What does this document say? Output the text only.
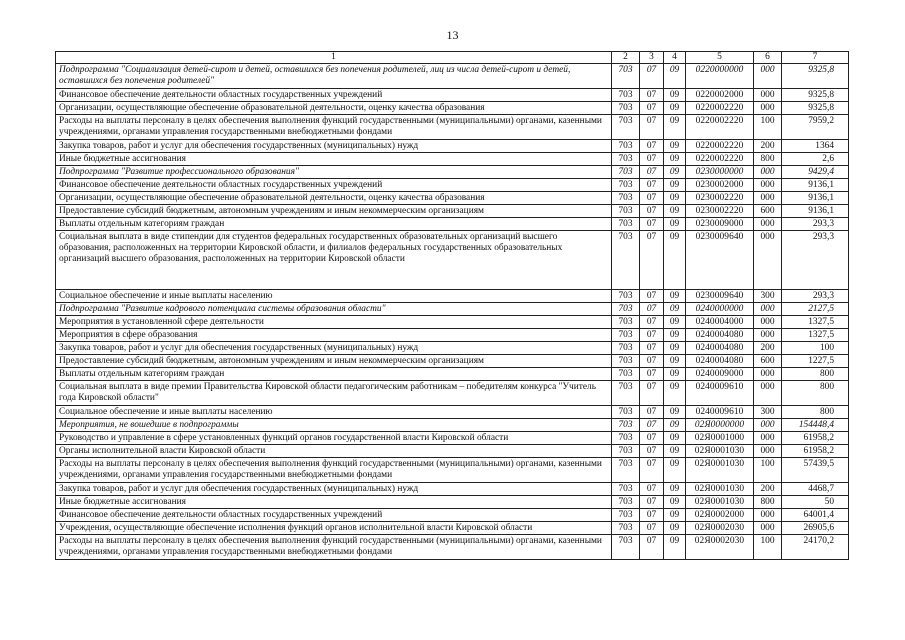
13
1	2	3	4	5	6	7
Подпрограмма "Социализация детей-сирот и детей, оставшихся без попечения родителей, лиц из числа детей-сирот и детей, оставшихся без попечения родителей"	703	07	09	0220000000	000	9325,8
Финансовое обеспечение деятельности областных государственных учреждений	703	07	09	0220002000	000	9325,8
Организации, осуществляющие обеспечение образовательной деятельности, оценку качества образования	703	07	09	0220002220	000	9325,8
Расходы на выплаты персоналу в целях обеспечения выполнения функций государственными (муниципальными) органами, казенными учреждениями, органами управления государственными внебюджетными фондами	703	07	09	0220002220	100	7959,2
Закупка товаров, работ и услуг для обеспечения государственных (муниципальных) нужд	703	07	09	0220002220	200	1364
Иные бюджетные ассигнования	703	07	09	0220002220	800	2,6
Подпрограмма "Развитие профессионального образования"	703	07	09	0230000000	000	9429,4
Финансовое обеспечение деятельности областных государственных учреждений	703	07	09	0230002000	000	9136,1
Организации, осуществляющие обеспечение образовательной деятельности, оценку качества образования	703	07	09	0230002220	000	9136,1
Предоставление субсидий бюджетным, автономным учреждениям и иным некоммерческим организациям	703	07	09	0230002220	600	9136,1
Выплаты отдельным категориям граждан	703	07	09	0230009000	000	293,3
Социальная выплата в виде стипендии для студентов федеральных государственных образовательных организаций высшего образования, расположенных на территории Кировской области, и филиалов федеральных государственных образовательных организаций высшего образования, расположенных на территории Кировской области	703	07	09	0230009640	000	293,3
Социальное обеспечение и иные выплаты населению	703	07	09	0230009640	300	293,3
Подпрограмма "Развитие кадрового потенциала системы образования области"	703	07	09	0240000000	000	2127,5
Мероприятия в установленной сфере деятельности	703	07	09	0240004000	000	1327,5
Мероприятия в сфере образования	703	07	09	0240004080	000	1327,5
Закупка товаров, работ и услуг для обеспечения государственных (муниципальных) нужд	703	07	09	0240004080	200	100
Предоставление субсидий бюджетным, автономным учреждениям и иным некоммерческим организациям	703	07	09	0240004080	600	1227,5
Выплаты отдельным категориям граждан	703	07	09	0240009000	000	800
Социальная выплата в виде премии Правительства Кировской области педагогическим работникам – победителям конкурса "Учитель года Кировской области"	703	07	09	0240009610	000	800
Социальное обеспечение и иные выплаты населению	703	07	09	0240009610	300	800
Мероприятия, не вошедшие в подпрограммы	703	07	09	02Я0000000	000	154448,4
Руководство и управление в сфере установленных функций органов государственной власти Кировской области	703	07	09	02Я0001000	000	61958,2
Органы исполнительной власти Кировской области	703	07	09	02Я0001030	000	61958,2
Расходы на выплаты персоналу в целях обеспечения выполнения функций государственными (муниципальными) органами, казенными учреждениями, органами управления государственными внебюджетными фондами	703	07	09	02Я0001030	100	57439,5
Закупка товаров, работ и услуг для обеспечения государственных (муниципальных) нужд	703	07	09	02Я0001030	200	4468,7
Иные бюджетные ассигнования	703	07	09	02Я0001030	800	50
Финансовое обеспечение деятельности областных государственных учреждений	703	07	09	02Я0002000	000	64001,4
Учреждения, осуществляющие обеспечение исполнения функций органов исполнительной власти Кировской области	703	07	09	02Я0002030	000	26905,6
Расходы на выплаты персоналу в целях обеспечения выполнения функций государственными (муниципальными) органами, казенными учреждениями, органами управления государственными внебюджетными фондами	703	07	09	02Я0002030	100	24170,2
